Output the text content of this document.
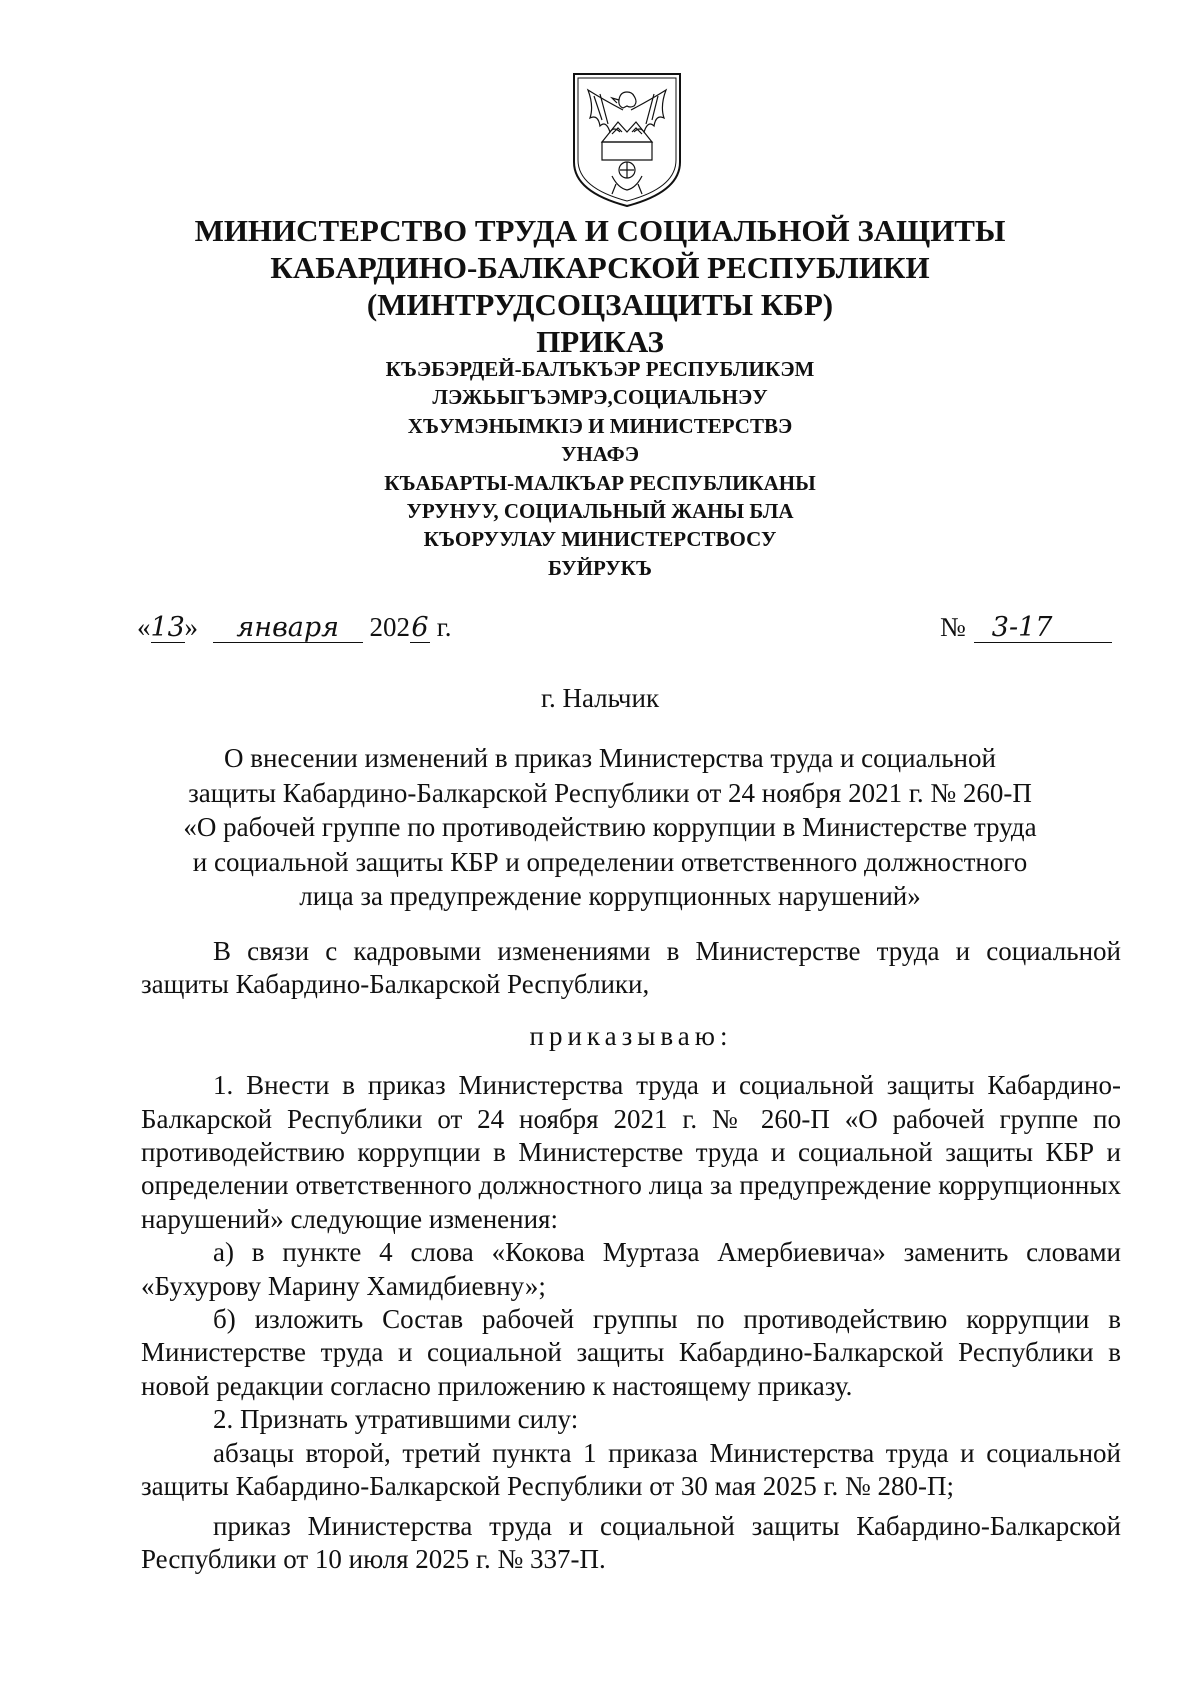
МИНИСТЕРСТВО ТРУДА И СОЦИАЛЬНОЙ ЗАЩИТЫ
КАБАРДИНО-БАЛКАРСКОЙ РЕСПУБЛИКИ
(МИНТРУДСОЦЗАЩИТЫ КБР)
ПРИКАЗ
КЪЭБЭРДЕЙ-БАЛЪКЪЭР РЕСПУБЛИКЭМ
ЛЭЖЬЫГЪЭМРЭ,СОЦИАЛЬНЭУ
ХЪУМЭНЫМКIЭ И МИНИСТЕРСТВЭ
УНАФЭ
КЪАБАРТЫ-МАЛКЪАР РЕСПУБЛИКАНЫ
УРУНУУ, СОЦИАЛЬНЫЙ ЖАНЫ БЛА
КЪОРУУЛАУ МИНИСТЕРСТВОСУ
БУЙРУКЪ
«13» января 2026 г.	№ 3-17
г. Нальчик
О внесении изменений в приказ Министерства труда и социальной
защиты Кабардино-Балкарской Республики от 24 ноября 2021 г. № 260-П
«О рабочей группе по противодействию коррупции в Министерстве труда
и социальной защиты КБР и определении ответственного должностного
лица за предупреждение коррупционных нарушений»

В связи с кадровыми изменениями в Министерстве труда и социальной защиты Кабардино-Балкарской Республики,

приказываю:

1. Внести в приказ Министерства труда и социальной защиты Кабардино-Балкарской Республики от 24 ноября 2021 г. № 260-П «О рабочей группе по противодействию коррупции в Министерстве труда и социальной защиты КБР и определении ответственного должностного лица за предупреждение коррупционных нарушений» следующие изменения:

а) в пункте 4 слова «Кокова Муртаза Амербиевича» заменить словами «Бухурову Марину Хамидбиевну»;

б) изложить Состав рабочей группы по противодействию коррупции в Министерстве труда и социальной защиты Кабардино-Балкарской Республики в новой редакции согласно приложению к настоящему приказу.

2. Признать утратившими силу:

абзацы второй, третий пункта 1 приказа Министерства труда и социальной защиты Кабардино-Балкарской Республики от 30 мая 2025 г. № 280-П;

приказ Министерства труда и социальной защиты Кабардино-Балкарской Республики от 10 июля 2025 г. № 337-П.
